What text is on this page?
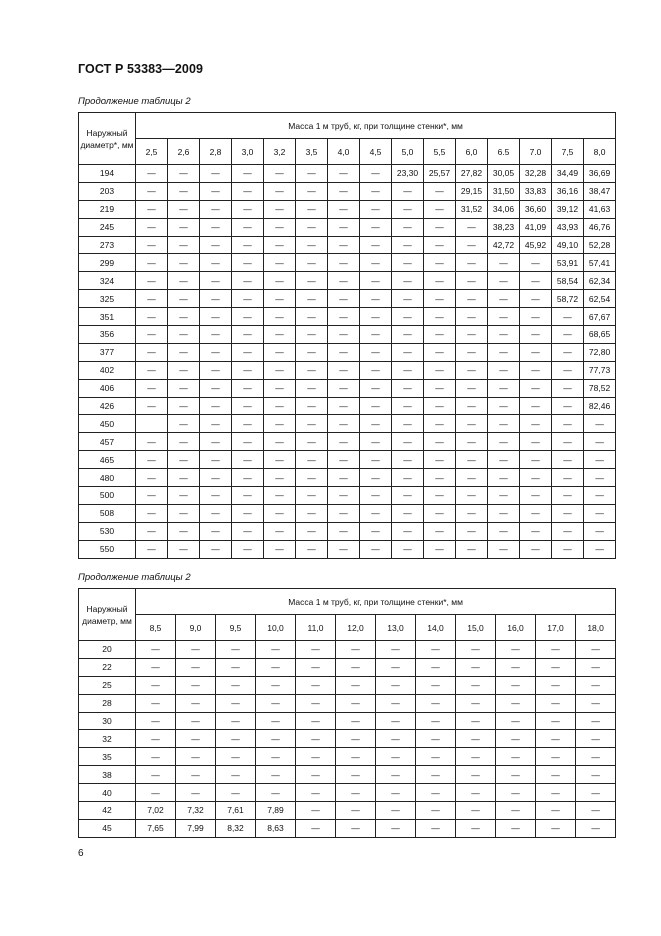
ГОСТ Р 53383—2009
Продолжение таблицы 2
Наружный диаметр*, мм	Масса 1 м труб, кг, при толщине стенки*, мм														
	2,5	2,6	2,8	3,0	3,2	3,5	4,0	4,5	5,0	5,5	6,0	6.5	7.0	7,5	8,0
194	—	—	—	—	—	—	—	—	23,30	25,57	27,82	30,05	32,28	34,49	36,69
203	—	—	—	—	—	—	—	—	—	—	29,15	31,50	33,83	36,16	38,47
219	—	—	—	—	—	—	—	—	—	—	31,52	34,06	36,60	39,12	41,63
245	—	—	—	—	—	—	—	—	—	—	—	38,23	41,09	43,93	46,76
273	—	—	—	—	—	—	—	—	—	—	—	42,72	45,92	49,10	52,28
299	—	—	—	—	—	—	—	—	—	—	—	—	—	53,91	57,41
324	—	—	—	—	—	—	—	—	—	—	—	—	—	58,54	62,34
325	—	—	—	—	—	—	—	—	—	—	—	—	—	58,72	62,54
351	—	—	—	—	—	—	—	—	—	—	—	—	—	—	67,67
356	—	—	—	—	—	—	—	—	—	—	—	—	—	—	68,65
377	—	—	—	—	—	—	—	—	—	—	—	—	—	—	72,80
402	—	—	—	—	—	—	—	—	—	—	—	—	—	—	77,73
406	—	—	—	—	—	—	—	—	—	—	—	—	—	—	78,52
426	—	—	—	—	—	—	—	—	—	—	—	—	—	—	82,46
450		—	—	—	—	—	—	—	—	—	—	—	—	—	—
457	—	—	—	—	—	—	—	—	—	—	—	—	—	—	—
465	—	—	—	—	—	—	—	—	—	—	—	—	—	—	—
480	—	—	—	—	—	—	—	—	—	—	—	—	—	—	—
500	—	—	—	—	—	—	—	—	—	—	—	—	—	—	—
508	—	—	—	—	—	—	—	—	—	—	—	—	—	—	—
530	—	—	—	—	—	—	—	—	—	—	—	—	—	—	—
550	—	—	—	—	—	—	—	—	—	—	—	—	—	—	—
Продолжение таблицы 2
Наружный диаметр, мм	Масса 1 м труб, кг, при толщине стенки*, мм											
	8,5	9,0	9,5	10,0	11,0	12,0	13,0	14,0	15,0	16,0	17,0	18,0
20	—	—	—	—	—	—	—	—	—	—	—	—
22	—	—	—	—	—	—	—	—	—	—	—	—
25	—	—	—	—	—	—	—	—	—	—	—	—
28	—	—	—	—	—	—	—	—	—	—	—	—
30	—	—	—	—	—	—	—	—	—	—	—	—
32	—	—	—	—	—	—	—	—	—	—	—	—
35	—	—	—	—	—	—	—	—	—	—	—	—
38	—	—	—	—	—	—	—	—	—	—	—	—
40	—	—	—	—	—	—	—	—	—	—	—	—
42	7,02	7,32	7,61	7,89	—	—	—	—	—	—	—	—
45	7,65	7,99	8,32	8,63	—	—	—	—	—	—	—	—
6
